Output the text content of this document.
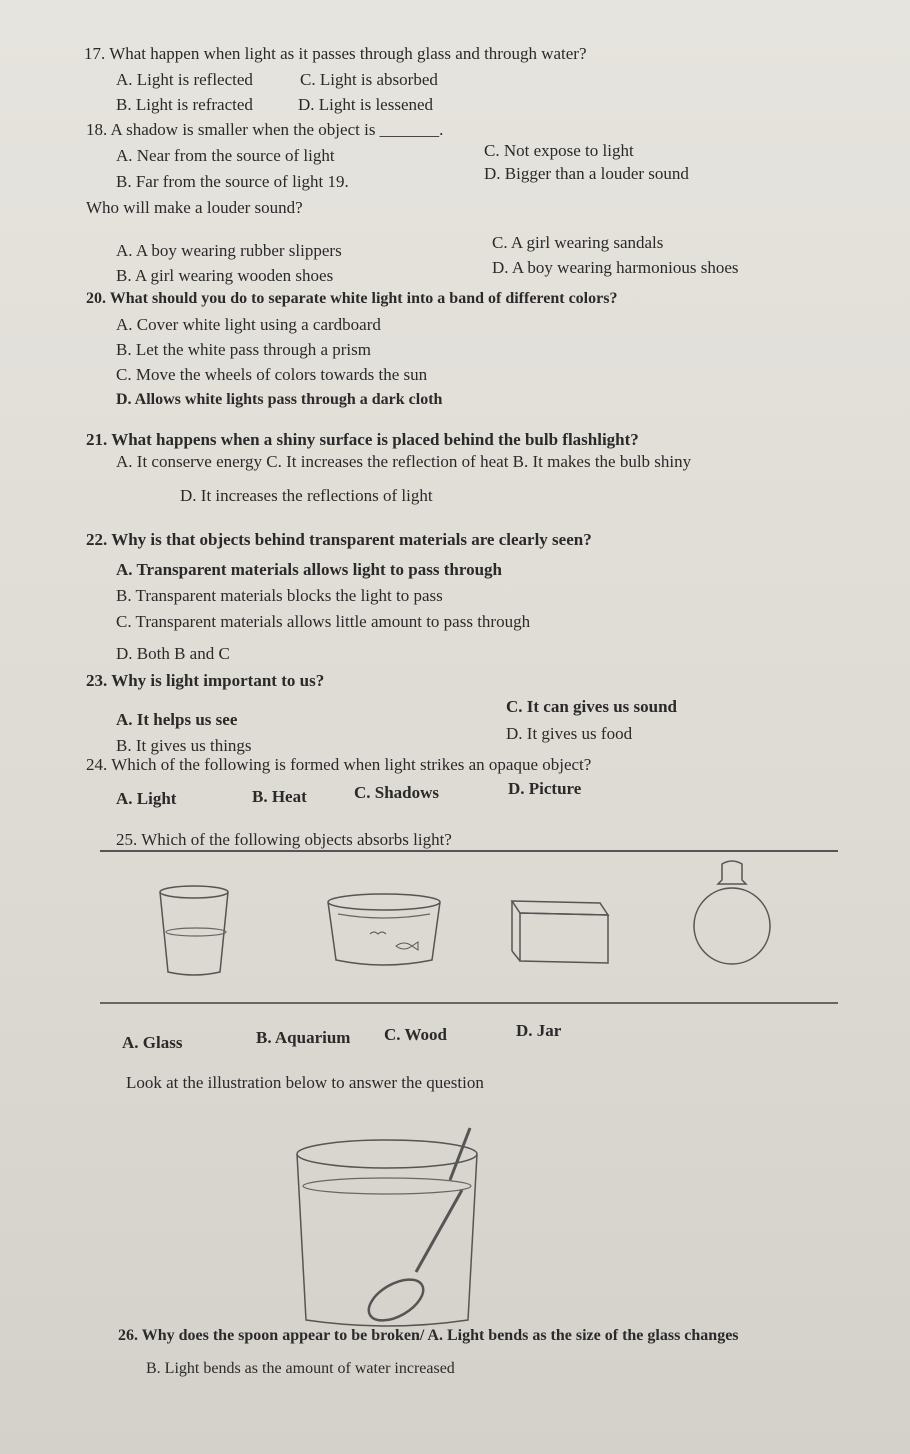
17. What happen when light as it passes through glass and through water?
A. Light is reflected	C. Light is absorbed
B. Light is refracted	D. Light is lessened
18. A shadow is smaller when the object is _______.
A. Near from the source of light	C. Not expose to light
B. Far from the source of light 19.	D. Bigger than a louder sound
Who will make a louder sound?
A. A boy wearing rubber slippers	C. A girl wearing sandals
B. A girl wearing wooden shoes	D. A boy wearing harmonious shoes
20. What should you do to separate white light into a band of different colors?
A. Cover white light using a cardboard
B. Let the white pass through a prism
C. Move the wheels of colors towards the sun
D. Allows white lights pass through a dark cloth
21. What happens when a shiny surface is placed behind the bulb flashlight?
A. It conserve energy C. It increases the reflection of heat B. It makes the bulb shiny
D. It increases the reflections of light
22. Why is that objects behind transparent materials are clearly seen?
A. Transparent materials allows light to pass through
B. Transparent materials blocks the light to pass
C. Transparent materials allows little amount to pass through
D. Both B and C
23. Why is light important to us?
A. It helps us see
C. It can gives us sound
B. It gives us things
D. It gives us food
24. Which of the following is formed when light strikes an opaque object?
A. Light	B. Heat	C. Shadows	D. Picture
25. Which of the following objects absorbs light?
A. Glass	B. Aquarium C. Wood	D. Jar
Look at the illustration below to answer the question
26. Why does the spoon appear to be broken/ A. Light bends as the size of the glass changes
B. Light bends as the amount of water increased
